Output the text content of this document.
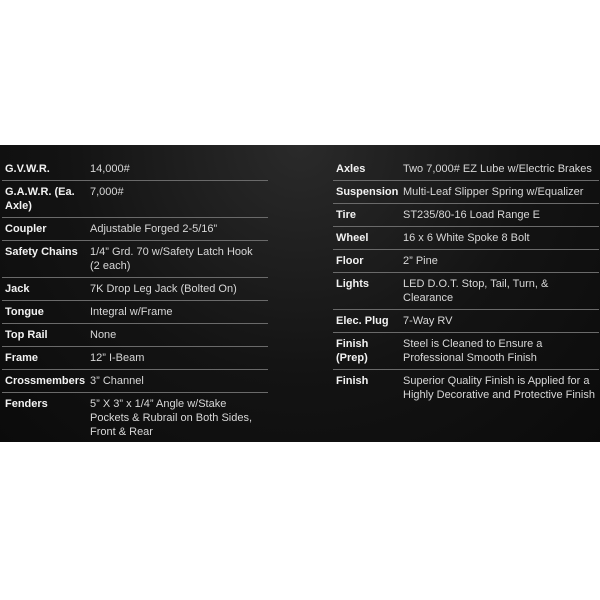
G.V.W.R.	14,000#
G.A.W.R. (Ea. Axle)	7,000#
Coupler	Adjustable Forged 2-5/16”
Safety Chains	1/4” Grd. 70 w/Safety Latch Hook (2 each)
Jack	7K Drop Leg Jack (Bolted On)
Tongue	Integral w/Frame
Top Rail	None
Frame	12” I-Beam
Crossmembers	3” Channel
Fenders	5” X 3” x 1/4” Angle w/Stake Pockets & Rubrail on Both Sides, Front & Rear
Axles	Two 7,000# EZ Lube w/Electric Brakes
Suspension	Multi-Leaf Slipper Spring w/Equalizer
Tire	ST235/80-16 Load Range E
Wheel	16 x 6 White Spoke 8 Bolt
Floor	2” Pine
Lights	LED D.O.T. Stop, Tail, Turn, & Clearance
Elec. Plug	7-Way RV
Finish (Prep)	Steel is Cleaned to Ensure a Professional Smooth Finish
Finish	Superior Quality Finish is Applied for a Highly Decorative and Protective Finish
